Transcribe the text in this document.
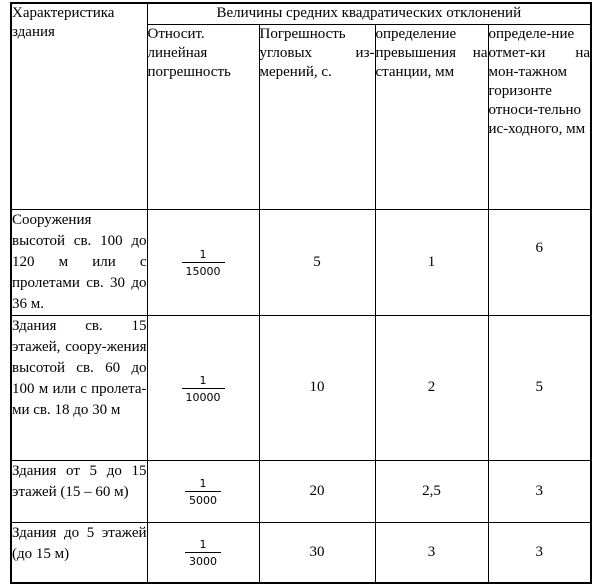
Характеристика здания	Величины средних квадратических отклонений			
	Относит. линейная погрешность	Погрешность угловых из-мерений, с.	определение превышения на станции, мм	определе-ние отмет-ки на мон-тажном горизонте относи-тельно ис-ходного, мм
Сооружения высотой св. 100 до 120 м или с пролетами св. 30 до 36 м.	$\frac{1}{15000}$	5	1	6
Здания св. 15 этажей, соору-жения высотой св. 60 до 100 м или с пролета-ми св. 18 до 30 м	$\frac{1}{10000}$	10	2	5
Здания от 5 до 15 этажей (15 – 60 м)	$\frac{1}{5000}$	20	2,5	3
Здания до 5 этажей (до 15 м)	$\frac{1}{3000}$	30	3	3
